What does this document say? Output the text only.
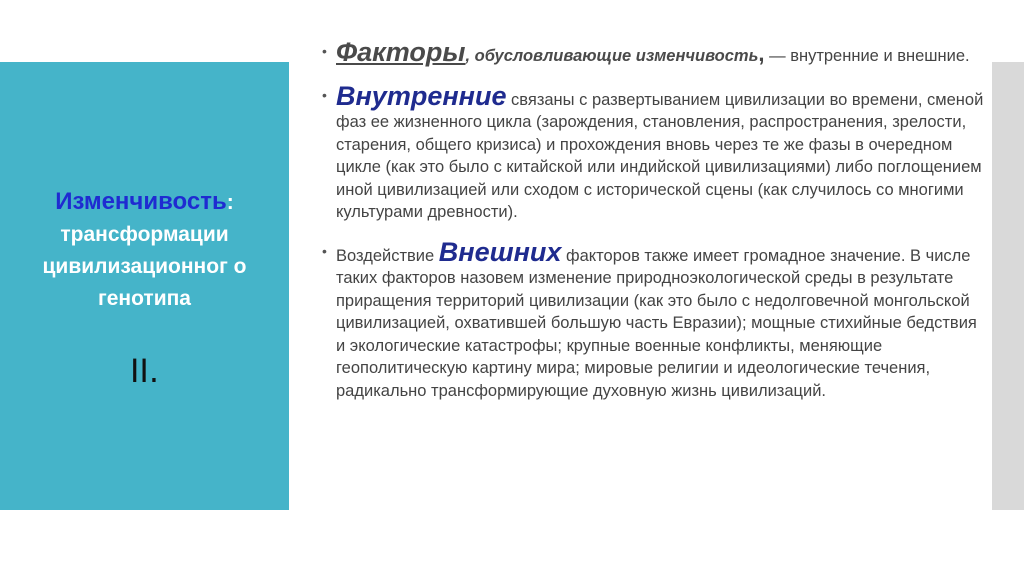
Изменчивость:
трансформации цивилизационног о генотипа
II.
• Факторы, обусловливающие изменчивость, — внутренние и внешние.
• Внутренние связаны с развертыванием цивилизации во времени, сменой фаз ее жизненного цикла (зарождения, становления, распространения, зрелости, старения, общего кризиса) и прохождения вновь через те же фазы в очередном цикле (как это было с китайской или индийской цивилизациями) либо поглощением иной цивилизацией или сходом с исторической сцены (как случилось со многими культурами древности).
• Воздействие Внешних факторов также имеет громадное значение. В числе таких факторов назовем изменение природноэкологической среды в результате приращения территорий цивилизации (как это было с недолговечной монгольской цивилизацией, охватившей большую часть Евразии); мощные стихийные бедствия и экологические катастрофы; крупные военные конфликты, меняющие геополитическую картину мира; мировые религии и идеологические течения, радикально трансформирующие духовную жизнь цивилизаций.
